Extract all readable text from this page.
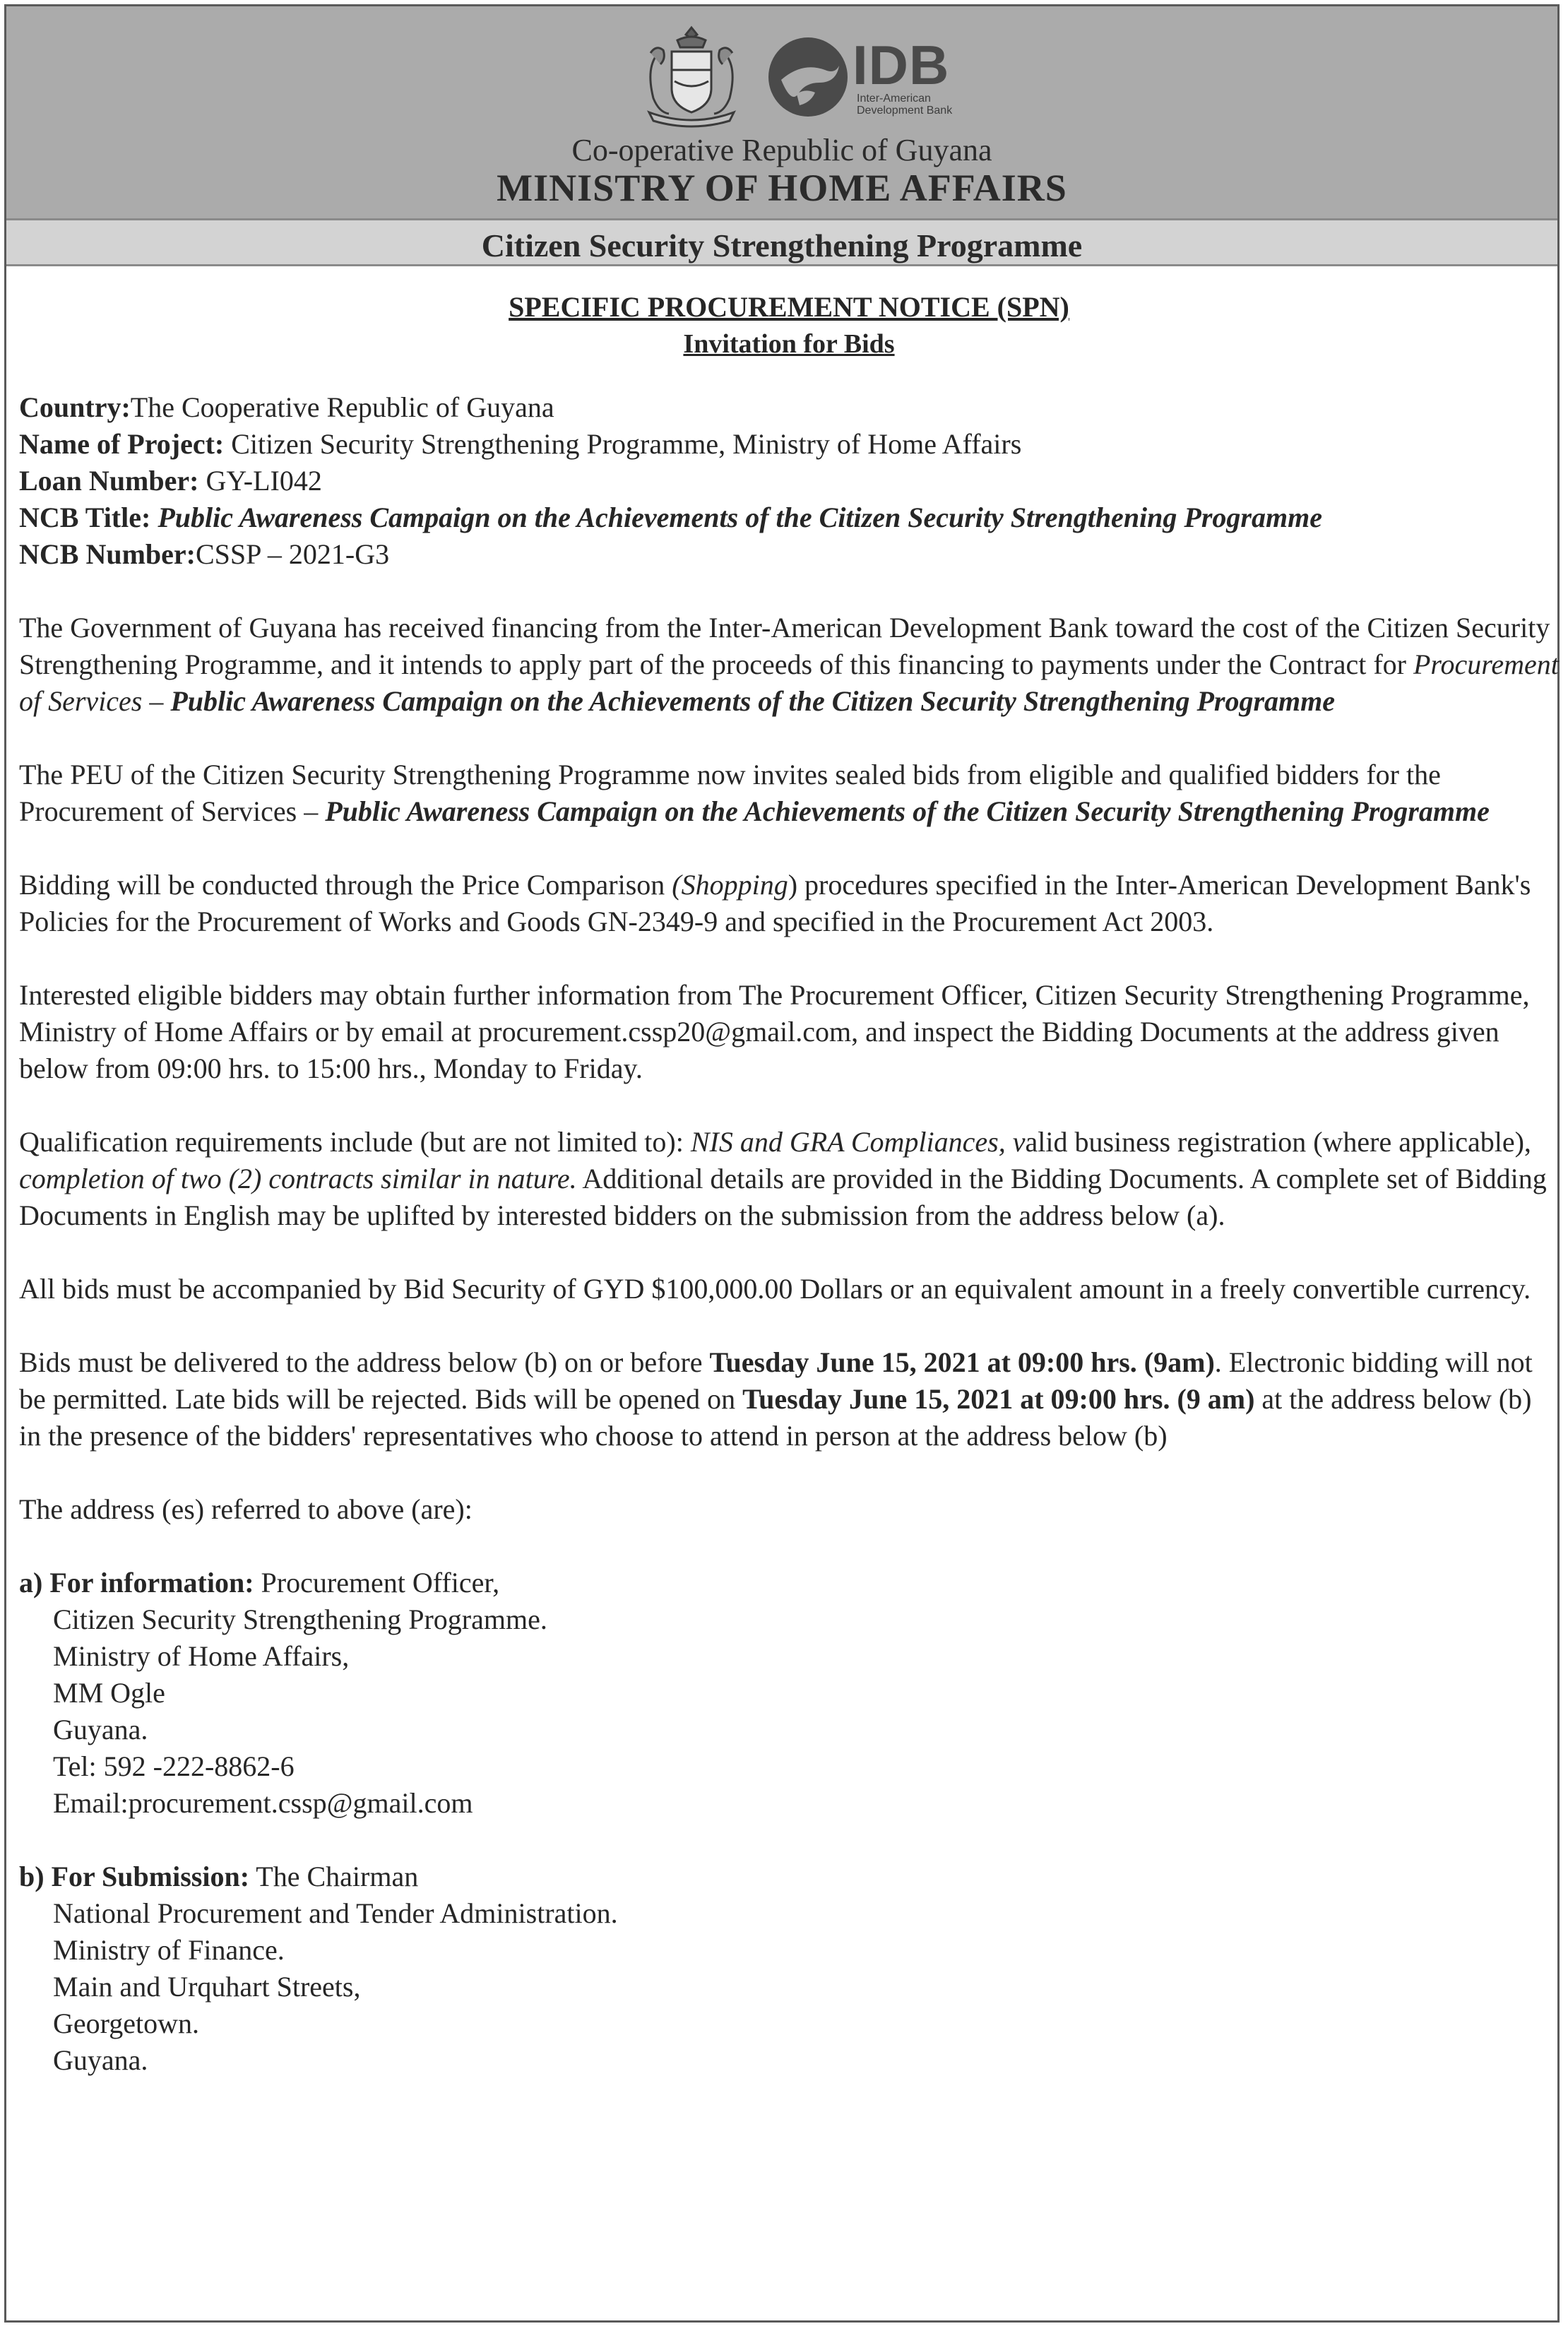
IDB
Inter-American
Development Bank
Co-operative Republic of Guyana
MINISTRY OF HOME AFFAIRS
Citizen Security Strengthening Programme
SPECIFIC PROCUREMENT NOTICE (SPN)
Invitation for Bids

Country:The Cooperative Republic of Guyana

Name of Project: Citizen Security Strengthening Programme, Ministry of Home Affairs

Loan Number: GY-LI042

NCB Title: Public Awareness Campaign on the Achievements of the Citizen Security Strengthening Programme

NCB Number:CSSP – 2021-G3

The Government of Guyana has received financing from the Inter-American Development Bank toward the cost of the Citizen Security Strengthening Programme, and it intends to apply part of the proceeds of this financing to payments under the Contract for Procurement of Services – Public Awareness Campaign on the Achievements of the Citizen Security Strengthening Programme

The PEU of the Citizen Security Strengthening Programme now invites sealed bids from eligible and qualified bidders for the Procurement of Services – Public Awareness Campaign on the Achievements of the Citizen Security Strengthening Programme

Bidding will be conducted through the Price Comparison (Shopping) procedures specified in the Inter-American Development Bank's Policies for the Procurement of Works and Goods GN-2349-9 and specified in the Procurement Act 2003.

Interested eligible bidders may obtain further information from The Procurement Officer, Citizen Security Strengthening Programme, Ministry of Home Affairs or by email at procurement.cssp20@gmail.com, and inspect the Bidding Documents at the address given below from 09:00 hrs. to 15:00 hrs., Monday to Friday.

Qualification requirements include (but are not limited to): NIS and GRA Compliances, valid business registration (where applicable), completion of two (2) contracts similar in nature. Additional details are provided in the Bidding Documents. A complete set of Bidding Documents in English may be uplifted by interested bidders on the submission from the address below (a).

All bids must be accompanied by Bid Security of GYD $100,000.00 Dollars or an equivalent amount in a freely convertible currency.

Bids must be delivered to the address below (b) on or before Tuesday June 15, 2021 at 09:00 hrs. (9am). Electronic bidding will not be permitted. Late bids will be rejected. Bids will be opened on Tuesday June 15, 2021 at 09:00 hrs. (9 am) at the address below (b) in the presence of the bidders' representatives who choose to attend in person at the address below (b)

The address (es) referred to above (are):

a) For information: Procurement Officer,

Citizen Security Strengthening Programme.

Ministry of Home Affairs,

MM Ogle

Guyana.

Tel: 592 -222-8862-6

Email:procurement.cssp@gmail.com

b) For Submission: The Chairman

National Procurement and Tender Administration.

Ministry of Finance.

Main and Urquhart Streets,

Georgetown.

Guyana.
